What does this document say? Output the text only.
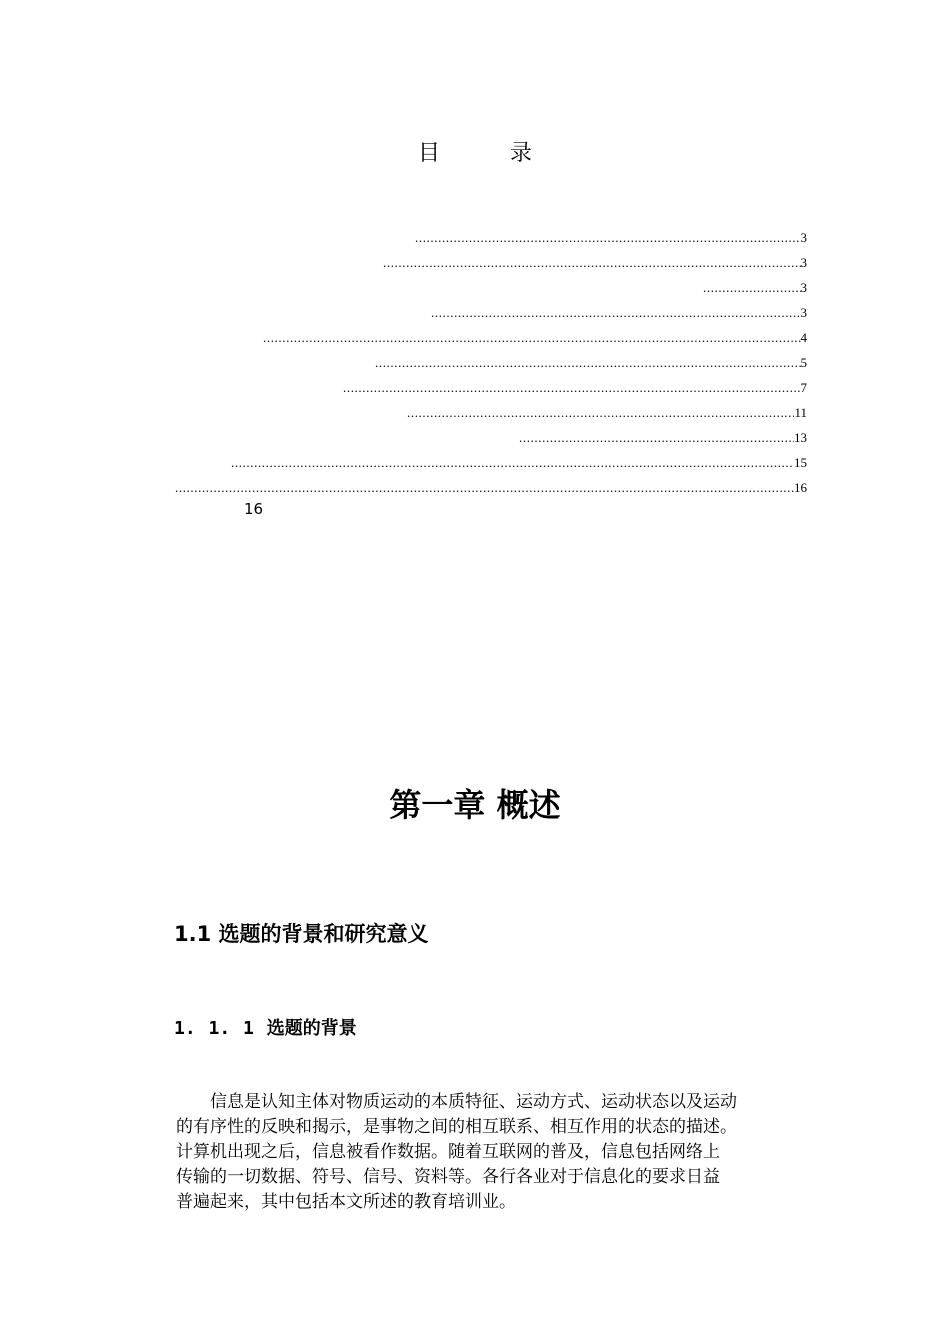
目　录
.....
3
.....
3
.....
3
.....
3
.....
4
.....
5
.....
7
.....
11
.....
13
.....
15
.....
16
16
第一章 概述
1.1 选题的背景和研究意义
1. 1. 1 选题的背景
　　信息是认知主体对物质运动的本质特征、运动方式、运动状态以及运动
的有序性的反映和揭示，是事物之间的相互联系、相互作用的状态的描述。
计算机出现之后，信息被看作数据。随着互联网的普及，信息包括网络上
传输的一切数据、符号、信号、资料等。各行各业对于信息化的要求日益
普遍起来，其中包括本文所述的教育培训业。
